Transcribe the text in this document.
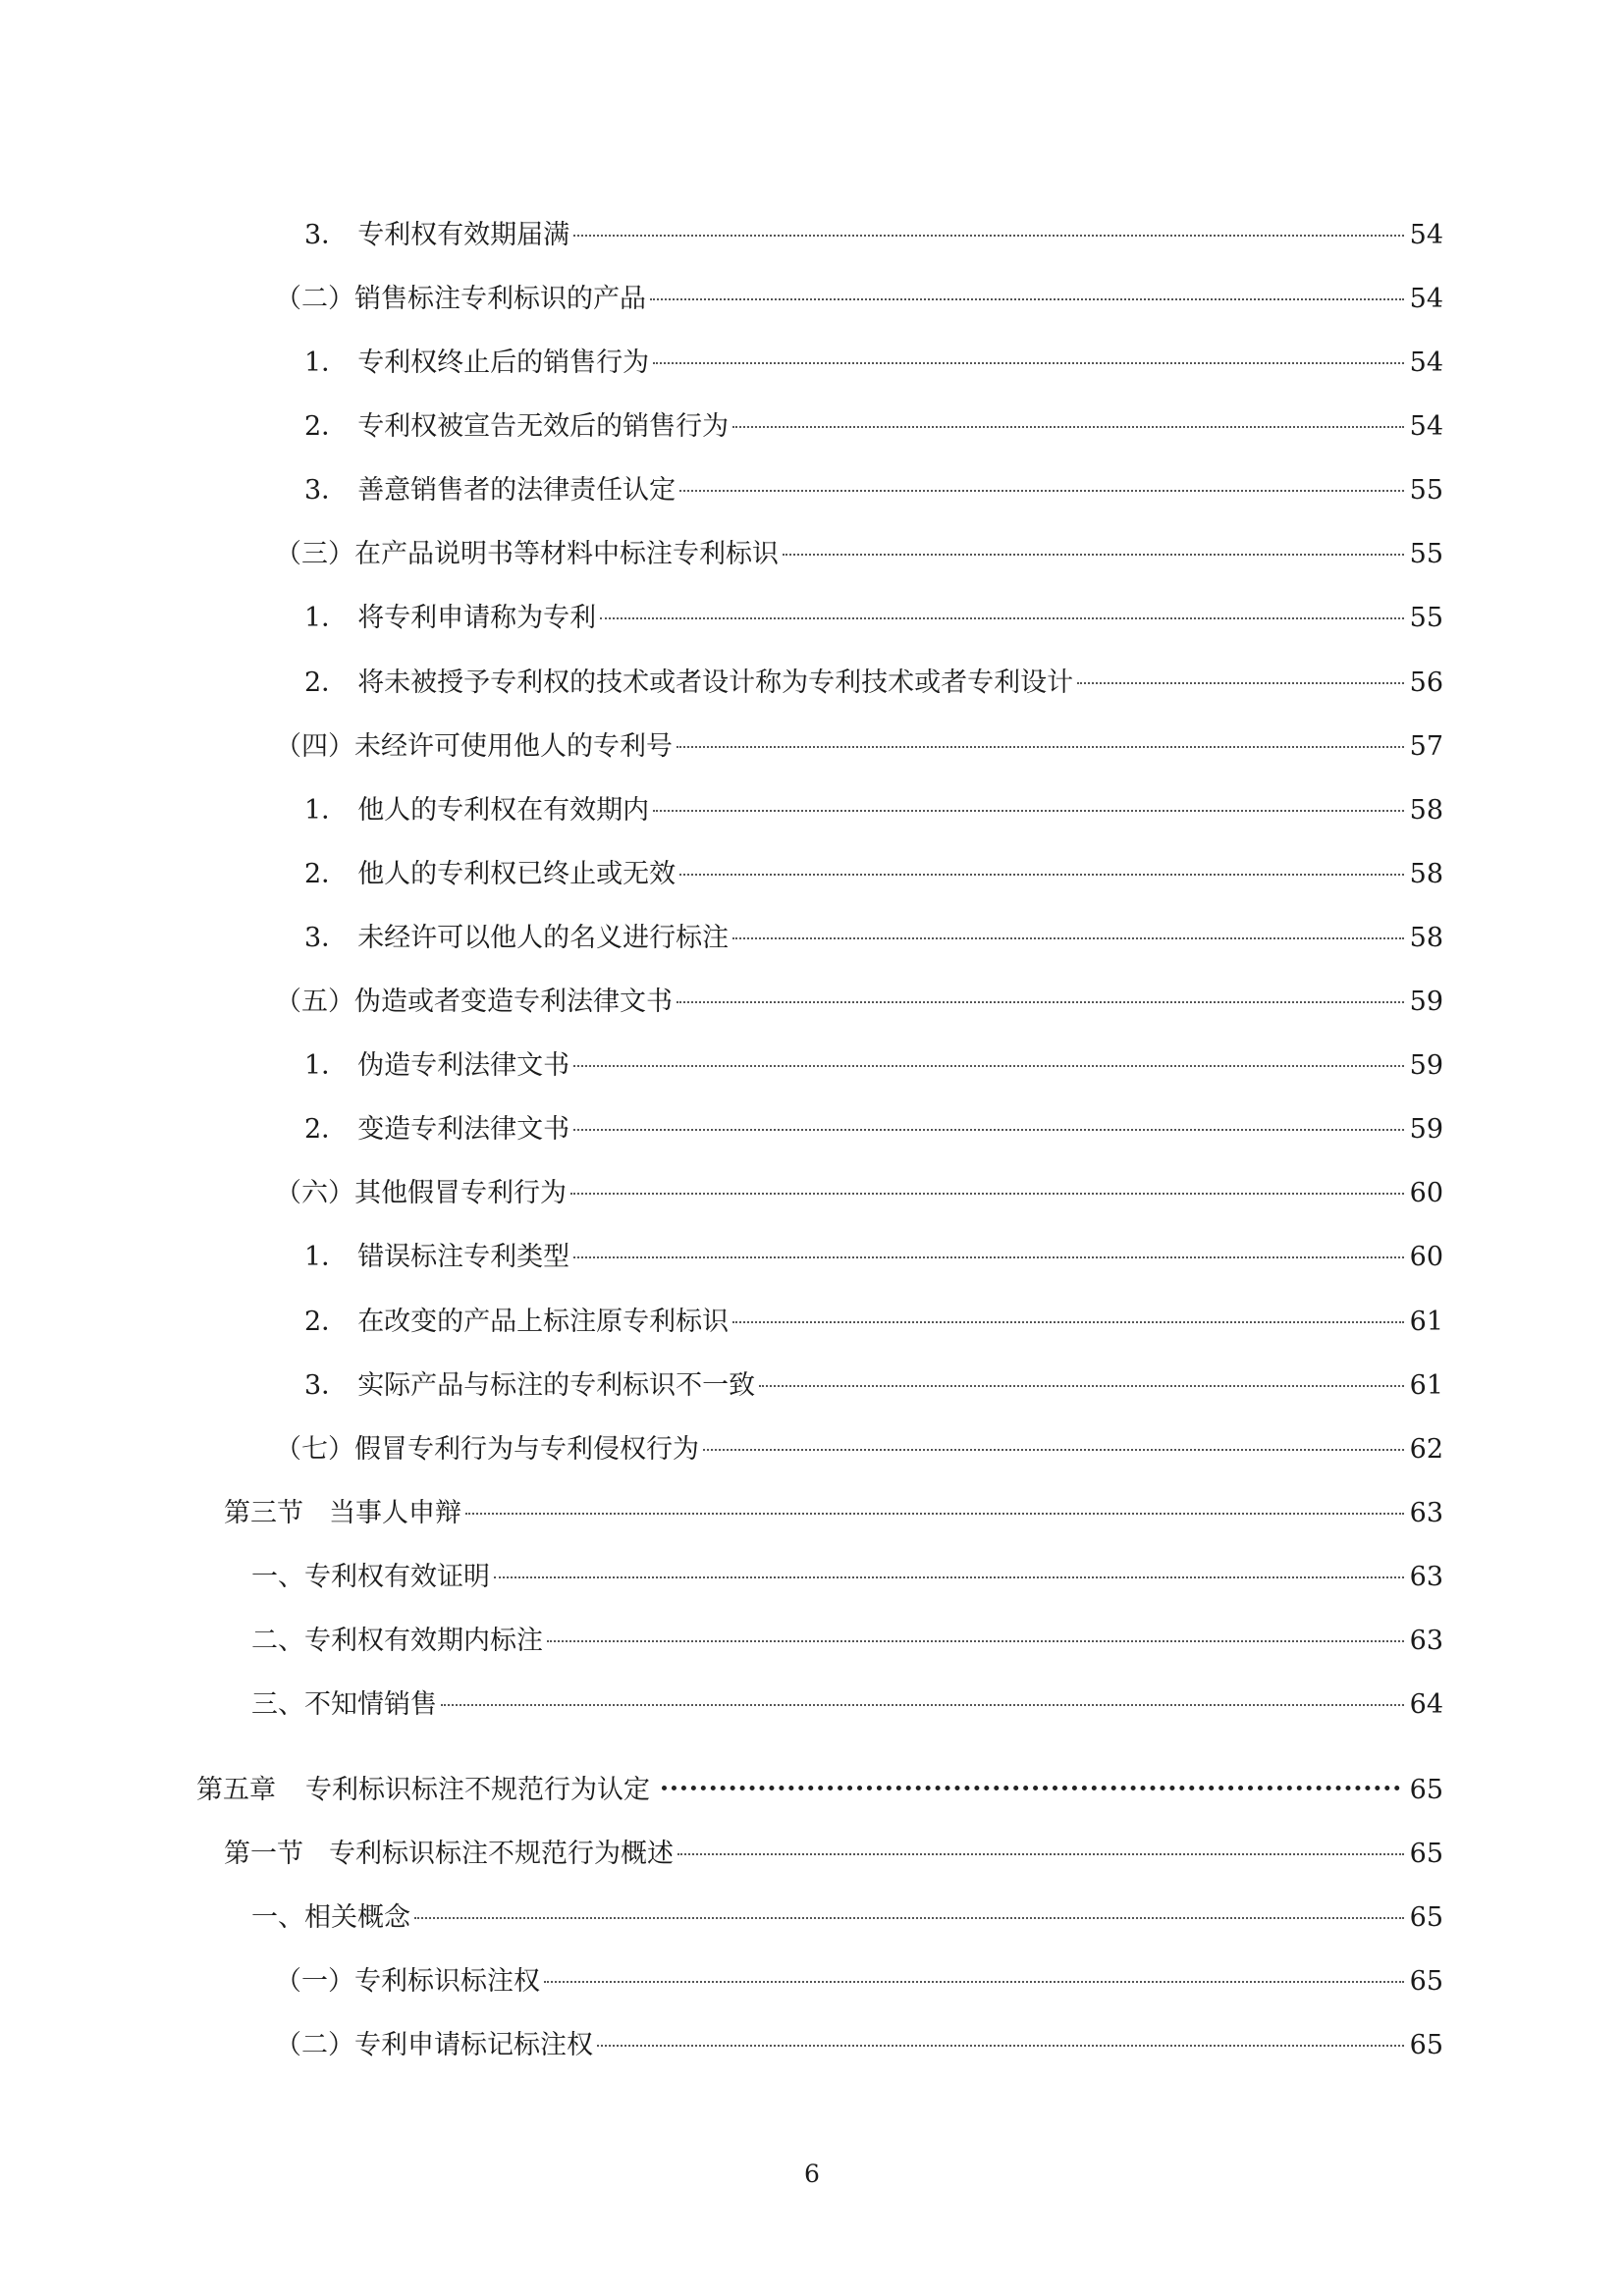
3． 专利权有效期届满	54
（二） 销售标注专利标识的产品	54
1． 专利权终止后的销售行为	54
2． 专利权被宣告无效后的销售行为	54
3． 善意销售者的法律责任认定	55
（三） 在产品说明书等材料中标注专利标识	55
1． 将专利申请称为专利	55
2． 将未被授予专利权的技术或者设计称为专利技术或者专利设计	56
（四） 未经许可使用他人的专利号	57
1． 他人的专利权在有效期内	58
2． 他人的专利权已终止或无效	58
3． 未经许可以他人的名义进行标注	58
（五） 伪造或者变造专利法律文书	59
1． 伪造专利法律文书	59
2． 变造专利法律文书	59
（六） 其他假冒专利行为	60
1． 错误标注专利类型	60
2． 在改变的产品上标注原专利标识	61
3． 实际产品与标注的专利标识不一致	61
（七） 假冒专利行为与专利侵权行为	62
第三节 当事人申辩	63
一、 专利权有效证明	63
二、 专利权有效期内标注	63
三、 不知情销售	64
第五章 专利标识标注不规范行为认定	65
第一节 专利标识标注不规范行为概述	65
一、 相关概念	65
（一） 专利标识标注权	65
（二） 专利申请标记标注权	65
6
